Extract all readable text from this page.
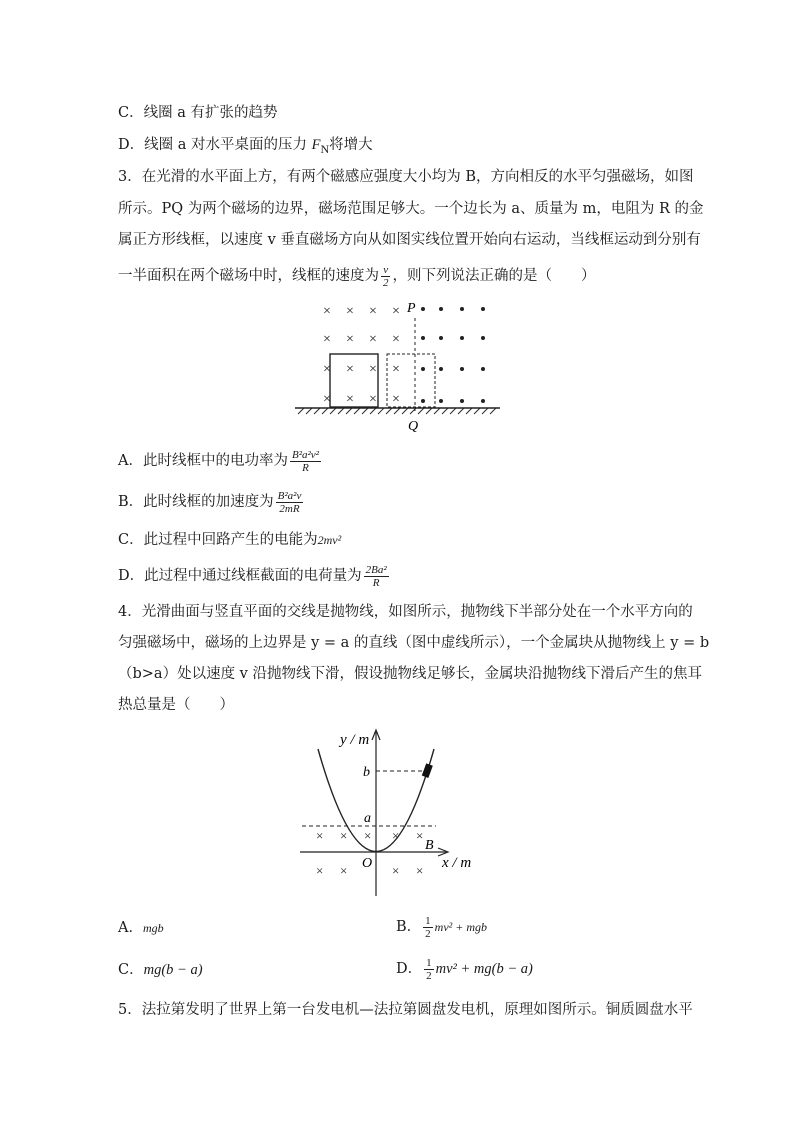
C．线圈 a 有扩张的趋势
D．线圈 a 对水平桌面的压力 $F_N$将增大
3．在光滑的水平面上方，有两个磁感应强度大小均为 B，方向相反的水平匀强磁场，如图
所示。PQ 为两个磁场的边界，磁场范围足够大。一个边长为 a、质量为 m，电阻为 R 的金
属正方形线框，以速度 v 垂直磁场方向从如图实线位置开始向右运动，当线框运动到分别有
一半面积在两个磁场中时，线框的速度为 $\frac{v}{2}$ ，则下列说法正确的是（　　）
× × × ×
× × × ×
× × × ×
× × × ×
P
Q
A．此时线框中的电功率为 $\frac{\text{B²a²v²}}{R}$
B．此时线框的加速度为 $\frac{\text{B²a²v}}{2mR}$
C．此过程中回路产生的电能为2mv²
D．此过程中通过线框截面的电荷量为 $\frac{\text{2Ba²}}{R}$
4．光滑曲面与竖直平面的交线是抛物线，如图所示，抛物线下半部分处在一个水平方向的
匀强磁场中，磁场的上边界是 y = a 的直线（图中虚线所示），一个金属块从抛物线上 y = b
（b>a）处以速度 v 沿抛物线下滑，假设抛物线足够长，金属块沿抛物线下滑后产生的焦耳
热总量是（　　）
× × × × ×
× ×	× ×
y / m
x / m
b
a
O
B
A．mgb	B． $\frac{1}{2} mv^2$ + mgb
C．mg(b − a)	D． $\frac{1}{2} mv^2 + mg(b - a)$
5．法拉第发明了世界上第一台发电机—法拉第圆盘发电机，原理如图所示。铜质圆盘水平
